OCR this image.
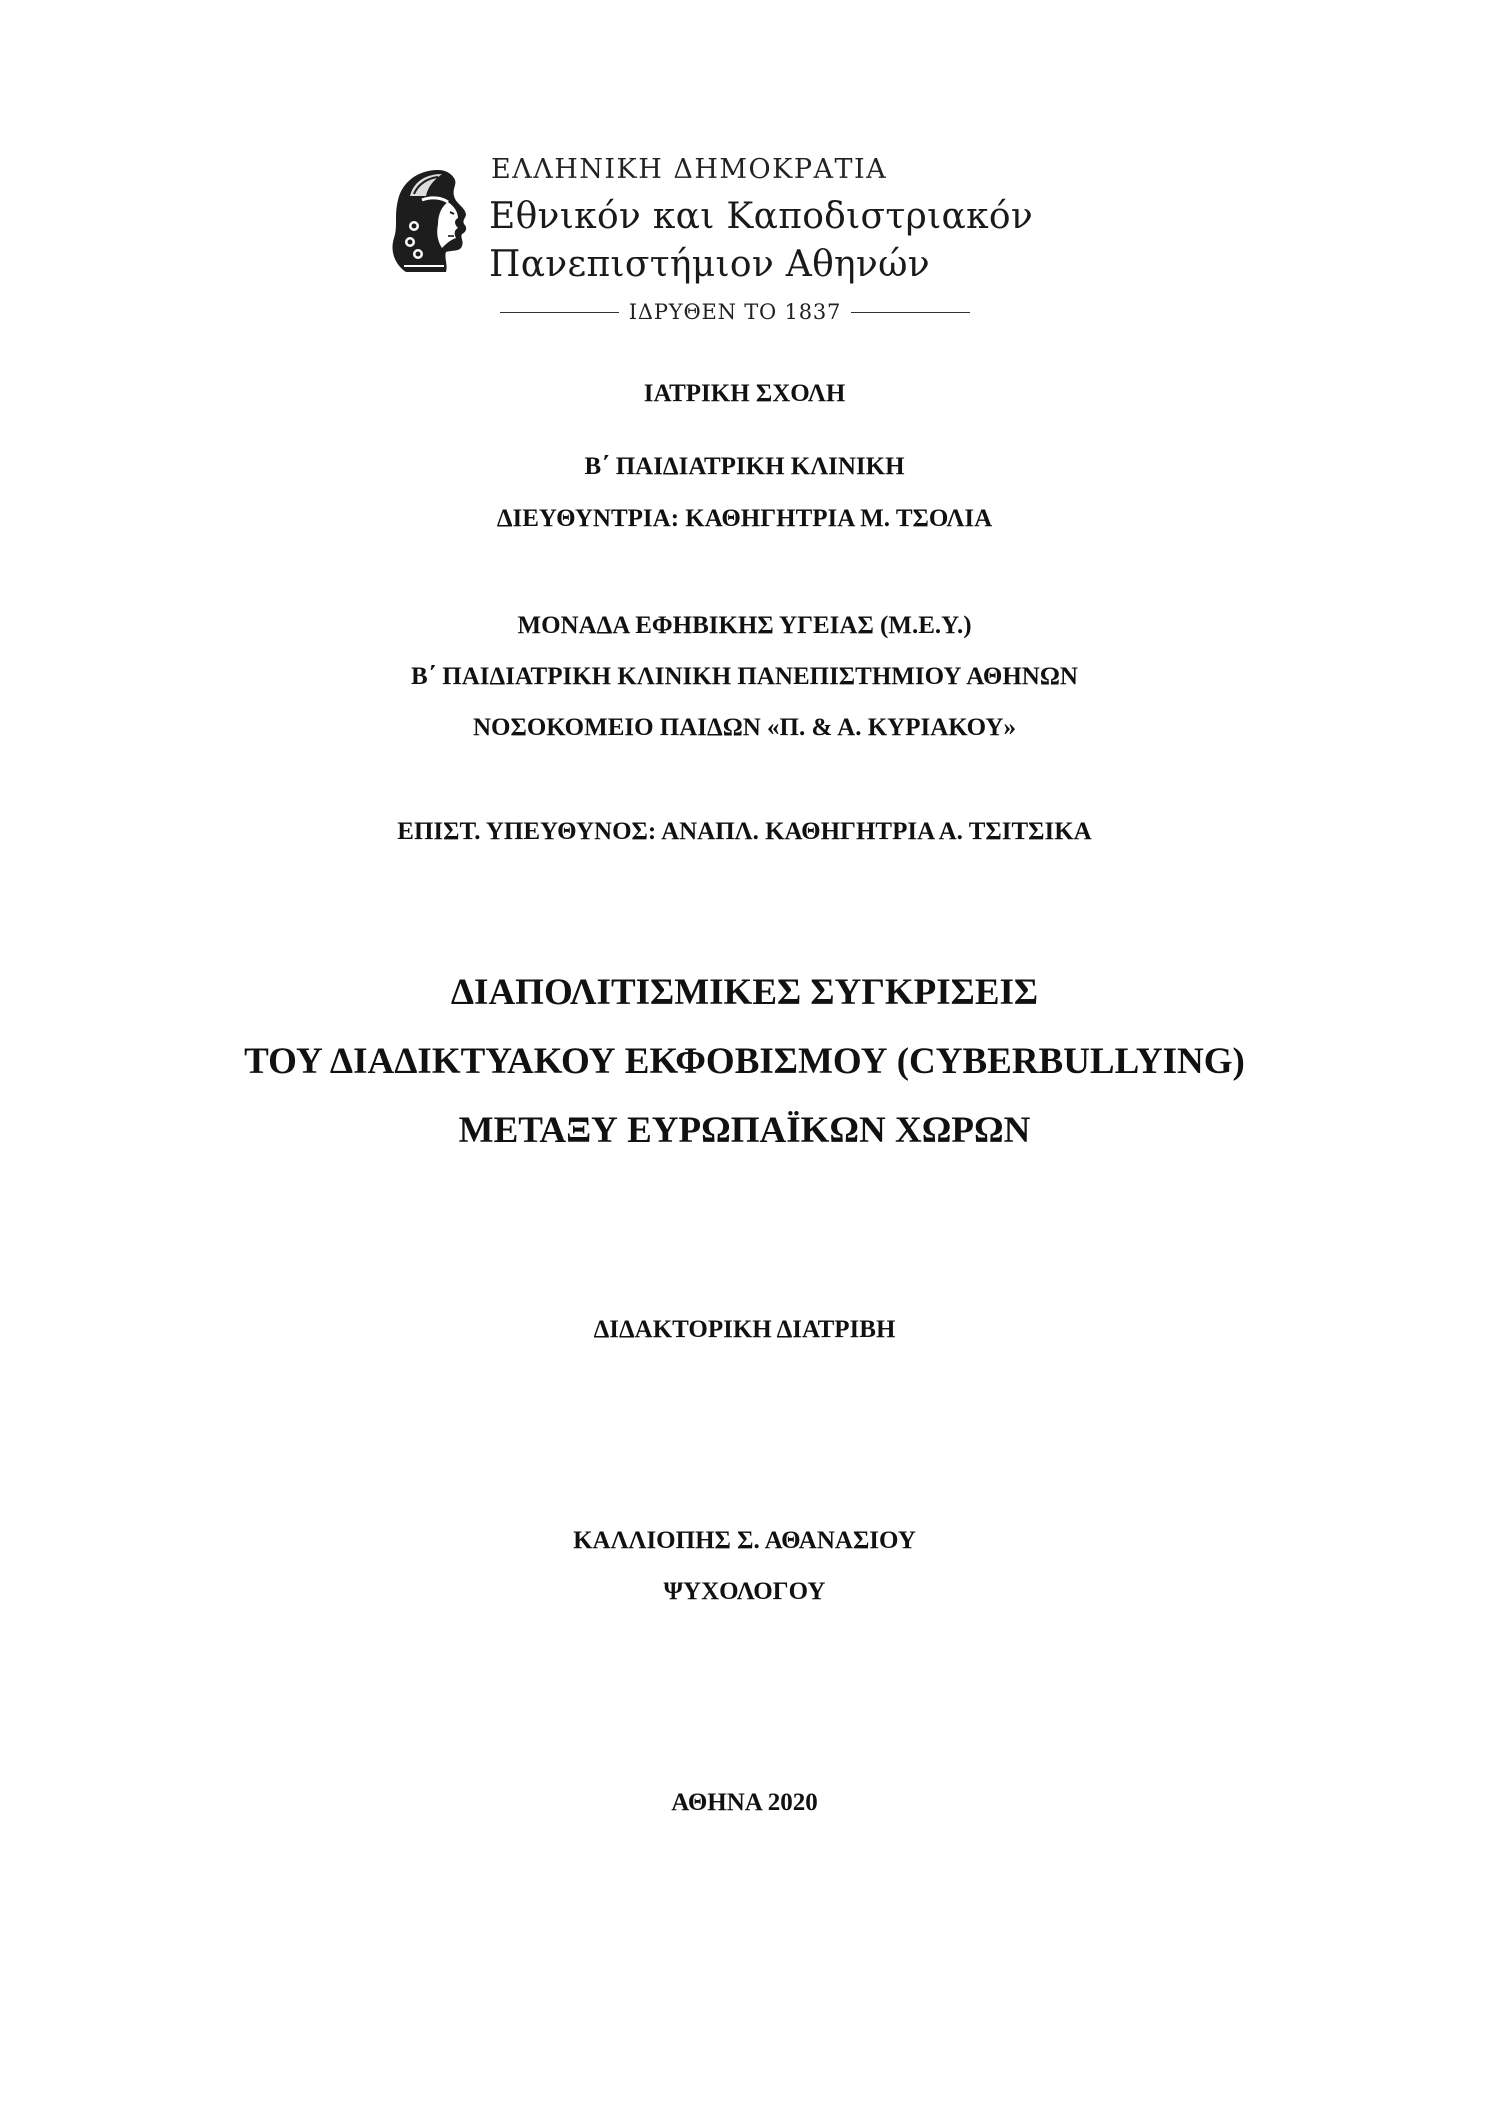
ΕΛΛΗΝΙΚΗ ΔΗΜΟΚΡΑΤΙΑ
Εθνικόν και Καποδιστριακόν
Πανεπιστήμιον Αθηνών
ΙΔΡΥΘΕΝ ΤΟ 1837
ΙΑΤΡΙΚΗ ΣΧΟΛΗ
Β΄ ΠΑΙΔΙΑΤΡΙΚΗ ΚΛΙΝΙΚΗ
ΔΙΕΥΘΥΝΤΡΙΑ: ΚΑΘΗΓΗΤΡΙΑ Μ. ΤΣΟΛΙΑ
ΜΟΝΑΔΑ ΕΦΗΒΙΚΗΣ ΥΓΕΙΑΣ (Μ.Ε.Υ.)
Β΄ ΠΑΙΔΙΑΤΡΙΚΗ ΚΛΙΝΙΚΗ ΠΑΝΕΠΙΣΤΗΜΙΟΥ ΑΘΗΝΩΝ
ΝΟΣΟΚΟΜΕΙΟ ΠΑΙΔΩΝ «Π. & Α. ΚΥΡΙΑΚΟΥ»
ΕΠΙΣΤ. ΥΠΕΥΘΥΝΟΣ: ΑΝΑΠΛ. ΚΑΘΗΓΗΤΡΙΑ Α. ΤΣΙΤΣΙΚΑ
ΔΙΑΠΟΛΙΤΙΣΜΙΚΕΣ ΣΥΓΚΡΙΣΕΙΣ
ΤΟΥ ΔΙΑΔΙΚΤΥΑΚΟΥ ΕΚΦΟΒΙΣΜΟΥ (CYBERBULLYING)
ΜΕΤΑΞΥ ΕΥΡΩΠΑΪΚΩΝ ΧΩΡΩΝ
ΔΙΔΑΚΤΟΡΙΚΗ ΔΙΑΤΡΙΒΗ
ΚΑΛΛΙΟΠΗΣ Σ. ΑΘΑΝΑΣΙΟΥ
ΨΥΧΟΛΟΓΟΥ
ΑΘΗΝΑ 2020
